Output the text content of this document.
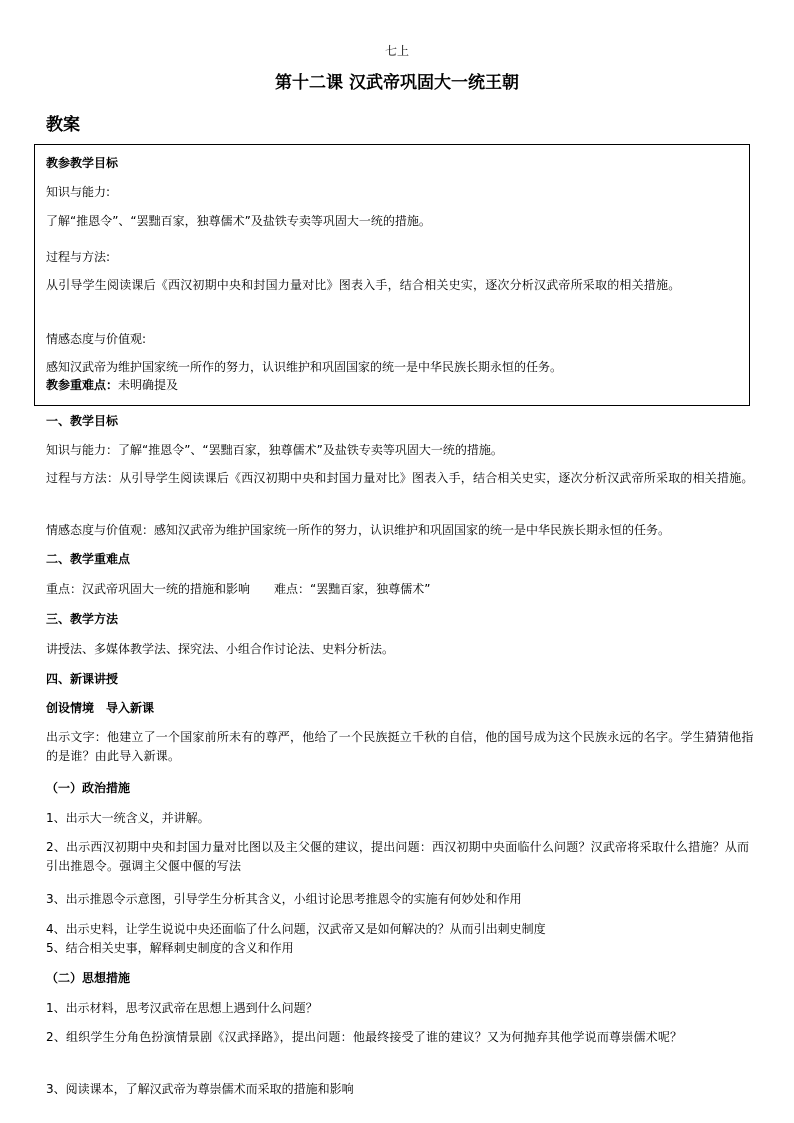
七上
第十二课 汉武帝巩固大一统王朝
教案
教参教学目标
知识与能力:
了解“推恩令”、“罢黜百家，独尊儒术”及盐铁专卖等巩固大一统的措施。
过程与方法:
从引导学生阅读课后《西汉初期中央和封国力量对比》图表入手，结合相关史实，逐次分析汉武帝所采取的相关措施。
情感态度与价值观:
感知汉武帝为维护国家统一所作的努力，认识维护和巩固国家的统一是中华民族长期永恒的任务。
教参重难点：未明确提及
一、教学目标
知识与能力：了解“推恩令”、“罢黜百家，独尊儒术”及盐铁专卖等巩固大一统的措施。
过程与方法：从引导学生阅读课后《西汉初期中央和封国力量对比》图表入手，结合相关史实，逐次分析汉武帝所采取的相关措施。
情感态度与价值观：感知汉武帝为维护国家统一所作的努力，认识维护和巩固国家的统一是中华民族长期永恒的任务。
二、教学重难点
重点：汉武帝巩固大一统的措施和影响　　难点：“罢黜百家，独尊儒术”
三、教学方法
讲授法、多媒体教学法、探究法、小组合作讨论法、史料分析法。
四、新课讲授
创设情境　导入新课
出示文字：他建立了一个国家前所未有的尊严，他给了一个民族挺立千秋的自信，他的国号成为这个民族永远的名字。学生猜猜他指的是谁？由此导入新课。
（一）政治措施
1、出示大一统含义，并讲解。
2、出示西汉初期中央和封国力量对比图以及主父偃的建议，提出问题：西汉初期中央面临什么问题？汉武帝将采取什么措施？从而引出推恩令。强调主父偃中偃的写法
3、出示推恩令示意图，引导学生分析其含义，小组讨论思考推恩令的实施有何妙处和作用
4、出示史料，让学生说说中央还面临了什么问题，汉武帝又是如何解决的？从而引出刺史制度
5、结合相关史事，解释刺史制度的含义和作用
（二）思想措施
1、出示材料，思考汉武帝在思想上遇到什么问题？
2、组织学生分角色扮演情景剧《汉武择路》，提出问题：他最终接受了谁的建议？又为何抛弃其他学说而尊崇儒术呢？
3、阅读课本，了解汉武帝为尊崇儒术而采取的措施和影响
